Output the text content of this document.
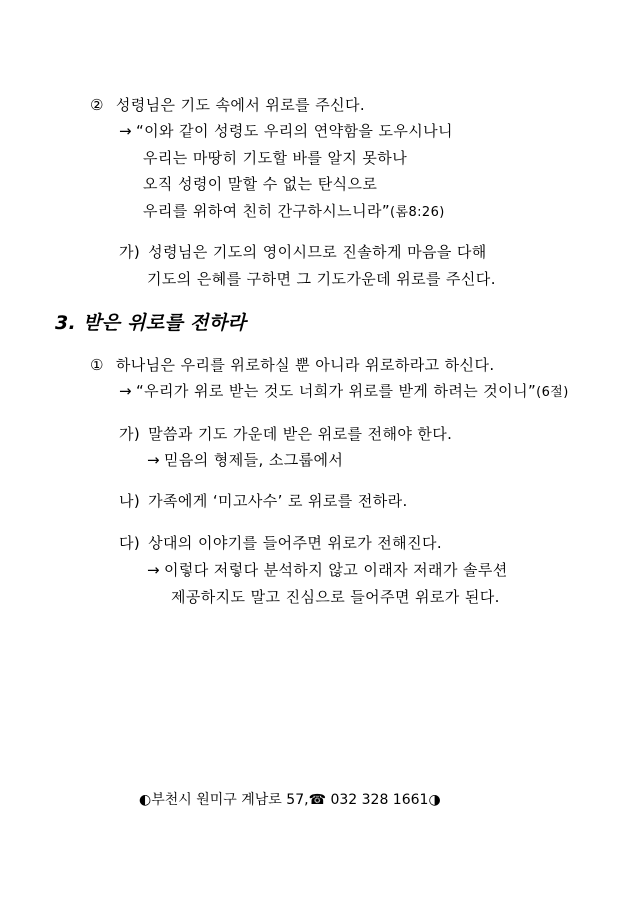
② 성령님은 기도 속에서 위로를 주신다.
→ “이와 같이 성령도 우리의 연약함을 도우시나니
우리는 마땅히 기도할 바를 알지 못하나
오직 성령이 말할 수 없는 탄식으로
우리를 위하여 친히 간구하시느니라”(롬8:26)
가) 성령님은 기도의 영이시므로 진솔하게 마음을 다해
기도의 은혜를 구하면 그 기도가운데 위로를 주신다.
3. 받은 위로를 전하라
① 하나님은 우리를 위로하실 뿐 아니라 위로하라고 하신다.
→ “우리가 위로 받는 것도 너희가 위로를 받게 하려는 것이니”(6절)
가) 말씀과 기도 가운데 받은 위로를 전해야 한다.
→ 믿음의 형제들, 소그룹에서
나) 가족에게 ‘미고사수’ 로 위로를 전하라.
다) 상대의 이야기를 들어주면 위로가 전해진다.
→ 이렇다 저렇다 분석하지 않고 이래자 저래가 솔루션
제공하지도 말고 진심으로 들어주면 위로가 된다.
◐부천시 원미구 계남로 57,☎ 032 328 1661◑
